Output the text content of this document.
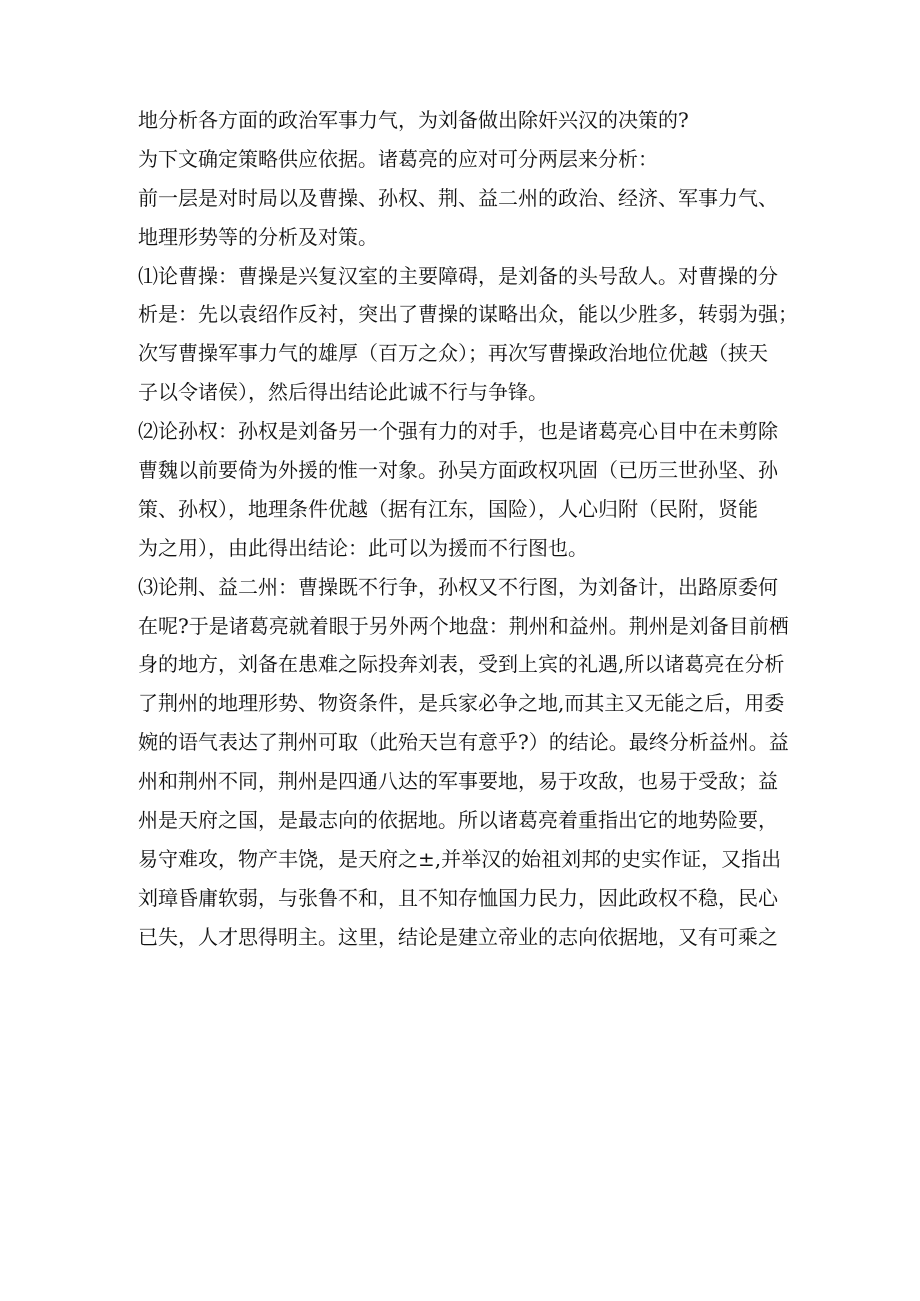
地分析各方面的政治军事力气，为刘备做出除奸兴汉的决策的?
为下文确定策略供应依据。诸葛亮的应对可分两层来分析：
前一层是对时局以及曹操、孙权、荆、益二州的政治、经济、军事力气、
地理形势等的分析及对策。
⑴论曹操：曹操是兴复汉室的主要障碍，是刘备的头号敌人。对曹操的分
析是：先以袁绍作反衬，突出了曹操的谋略出众，能以少胜多，转弱为强；
次写曹操军事力气的雄厚（百万之众）；再次写曹操政治地位优越（挟天
子以令诸侯），然后得出结论此诚不行与争锋。
⑵论孙权：孙权是刘备另一个强有力的对手，也是诸葛亮心目中在未剪除
曹魏以前要倚为外援的惟一对象。孙吴方面政权巩固（已历三世孙坚、孙
策、孙权），地理条件优越（据有江东，国险），人心归附（民附，贤能
为之用），由此得出结论：此可以为援而不行图也。
⑶论荆、益二州：曹操既不行争，孙权又不行图，为刘备计，出路原委何
在呢?于是诸葛亮就着眼于另外两个地盘：荆州和益州。荆州是刘备目前栖
身的地方，刘备在患难之际投奔刘表，受到上宾的礼遇,所以诸葛亮在分析
了荆州的地理形势、物资条件，是兵家必争之地,而其主又无能之后，用委
婉的语气表达了荆州可取（此殆天岂有意乎?）的结论。最终分析益州。益
州和荆州不同，荆州是四通八达的军事要地，易于攻敌，也易于受敌；益
州是天府之国，是最志向的依据地。所以诸葛亮着重指出它的地势险要，
易守难攻，物产丰饶，是天府之±,并举汉的始祖刘邦的史实作证，又指出
刘璋昏庸软弱，与张鲁不和，且不知存恤国力民力，因此政权不稳，民心
已失，人才思得明主。这里，结论是建立帝业的志向依据地，又有可乘之
